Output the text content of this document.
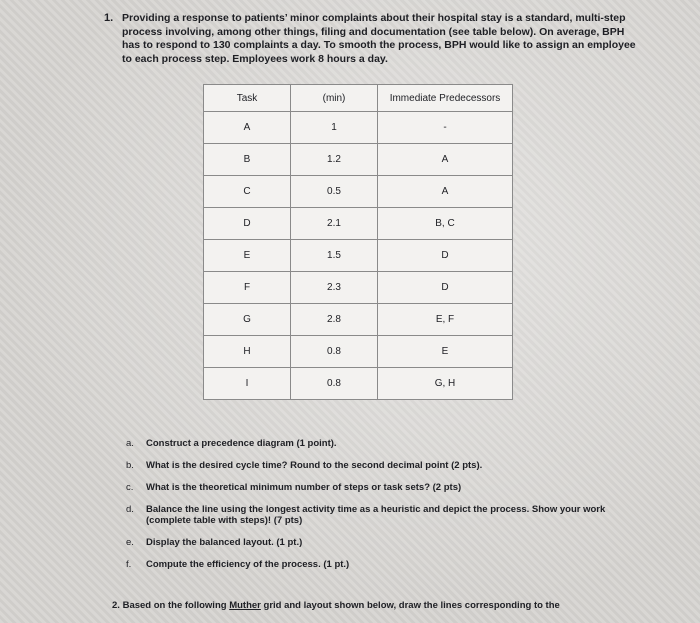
1. Providing a response to patients’ minor complaints about their hospital stay is a standard, multi-step process involving, among other things, filing and documentation (see table below). On average, BPH has to respond to 130 complaints a day. To smooth the process, BPH would like to assign an employee to each process step. Employees work 8 hours a day.
Task	(min)	Immediate Predecessors
A	1	-
B	1.2	A
C	0.5	A
D	2.1	B, C
E	1.5	D
F	2.3	D
G	2.8	E, F
H	0.8	E
I	0.8	G, H
a. Construct a precedence diagram (1 point).
b. What is the desired cycle time? Round to the second decimal point (2 pts).
c. What is the theoretical minimum number of steps or task sets? (2 pts)
d. Balance the line using the longest activity time as a heuristic and depict the process. Show your work (complete table with steps)! (7 pts)
e. Display the balanced layout. (1 pt.)
f. Compute the efficiency of the process. (1 pt.)
2. Based on the following Muther grid and layout shown below, draw the lines corresponding to the
